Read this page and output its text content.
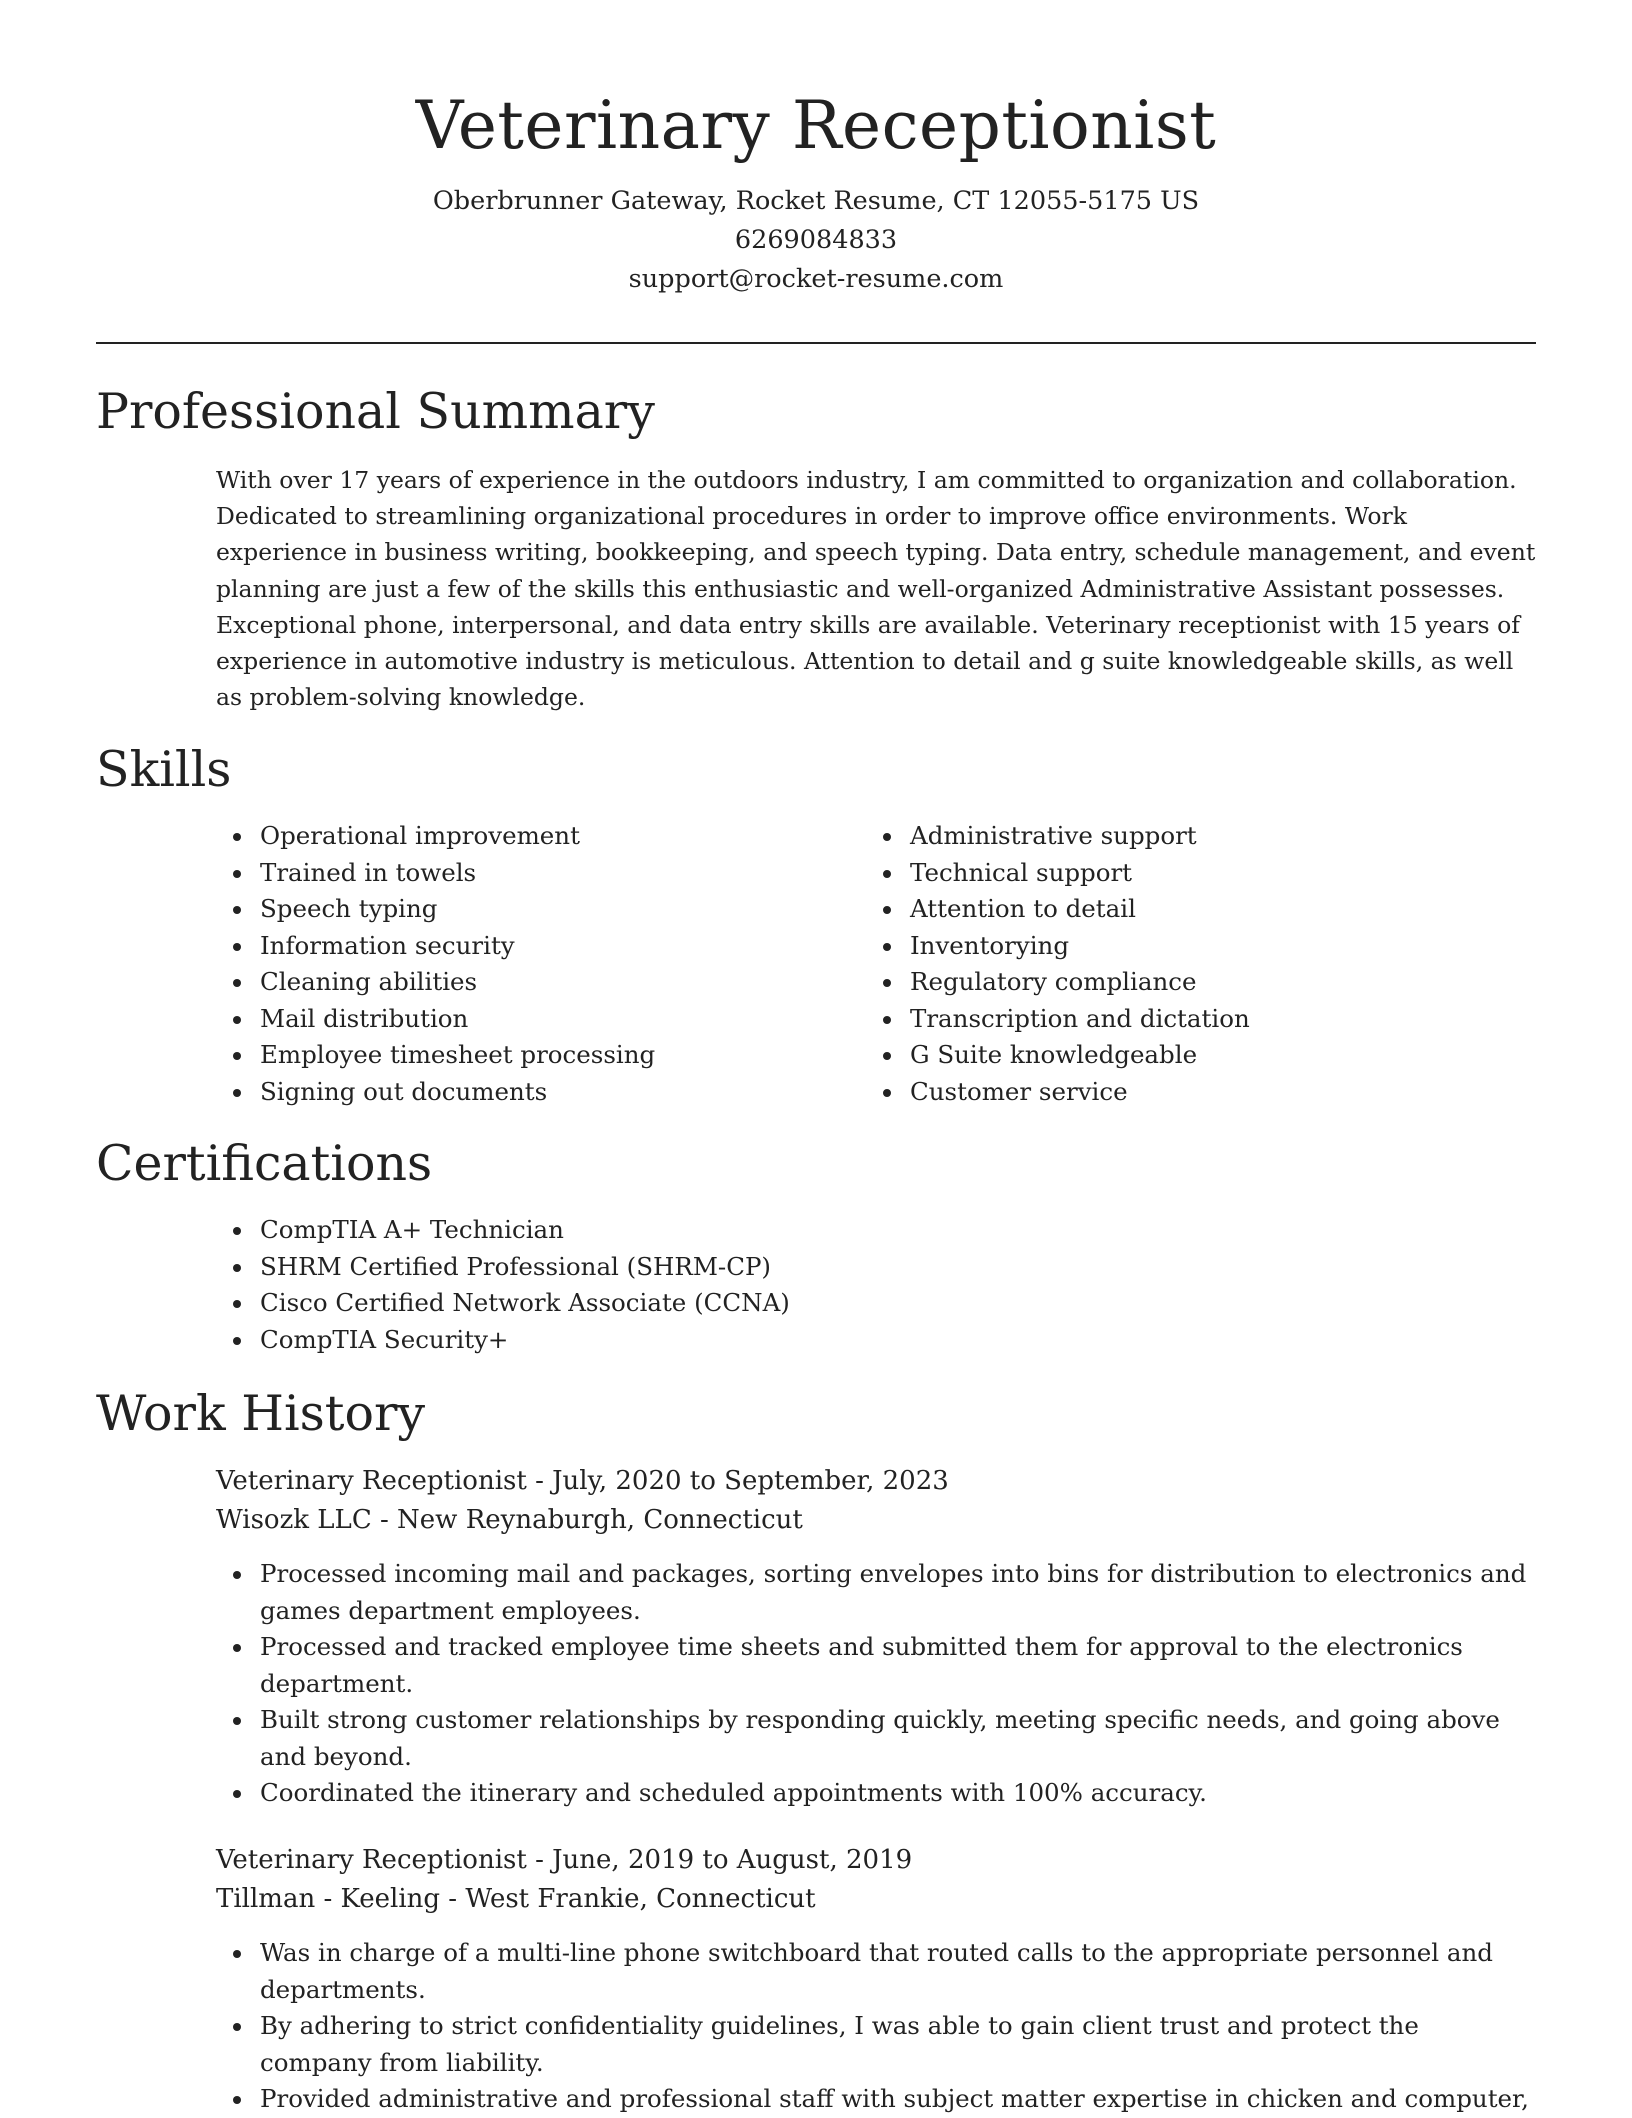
Veterinary Receptionist

Oberbrunner Gateway, Rocket Resume, CT 12055-5175 US

6269084833

support@rocket-resume.com

Professional Summary

With over 17 years of experience in the outdoors industry, I am committed to organization and collaboration. Dedicated to streamlining organizational procedures in order to improve office environments. Work experience in business writing, bookkeeping, and speech typing. Data entry, schedule management, and event planning are just a few of the skills this enthusiastic and well-organized Administrative Assistant possesses. Exceptional phone, interpersonal, and data entry skills are available. Veterinary receptionist with 15 years of experience in automotive industry is meticulous. Attention to detail and g suite knowledgeable skills, as well as problem-solving knowledge.

Skills
Operational improvement
Trained in towels
Speech typing
Information security
Cleaning abilities
Mail distribution
Employee timesheet processing
Signing out documents
Administrative support
Technical support
Attention to detail
Inventorying
Regulatory compliance
Transcription and dictation
G Suite knowledgeable
Customer service
Certifications
CompTIA A+ Technician
SHRM Certified Professional (SHRM-CP)
Cisco Certified Network Associate (CCNA)
CompTIA Security+
Work History

Veterinary Receptionist - July, 2020 to September, 2023

Wisozk LLC - New Reynaburgh, Connecticut

Processed incoming mail and packages, sorting envelopes into bins for distribution to electronics and games department employees.
Processed and tracked employee time sheets and submitted them for approval to the electronics department.
Built strong customer relationships by responding quickly, meeting specific needs, and going above and beyond.
Coordinated the itinerary and scheduled appointments with 100% accuracy.

Veterinary Receptionist - June, 2019 to August, 2019

Tillman - Keeling - West Frankie, Connecticut

Was in charge of a multi-line phone switchboard that routed calls to the appropriate personnel and departments.
By adhering to strict confidentiality guidelines, I was able to gain client trust and protect the company from liability.
Provided administrative and professional staff with subject matter expertise in chicken and computer,
